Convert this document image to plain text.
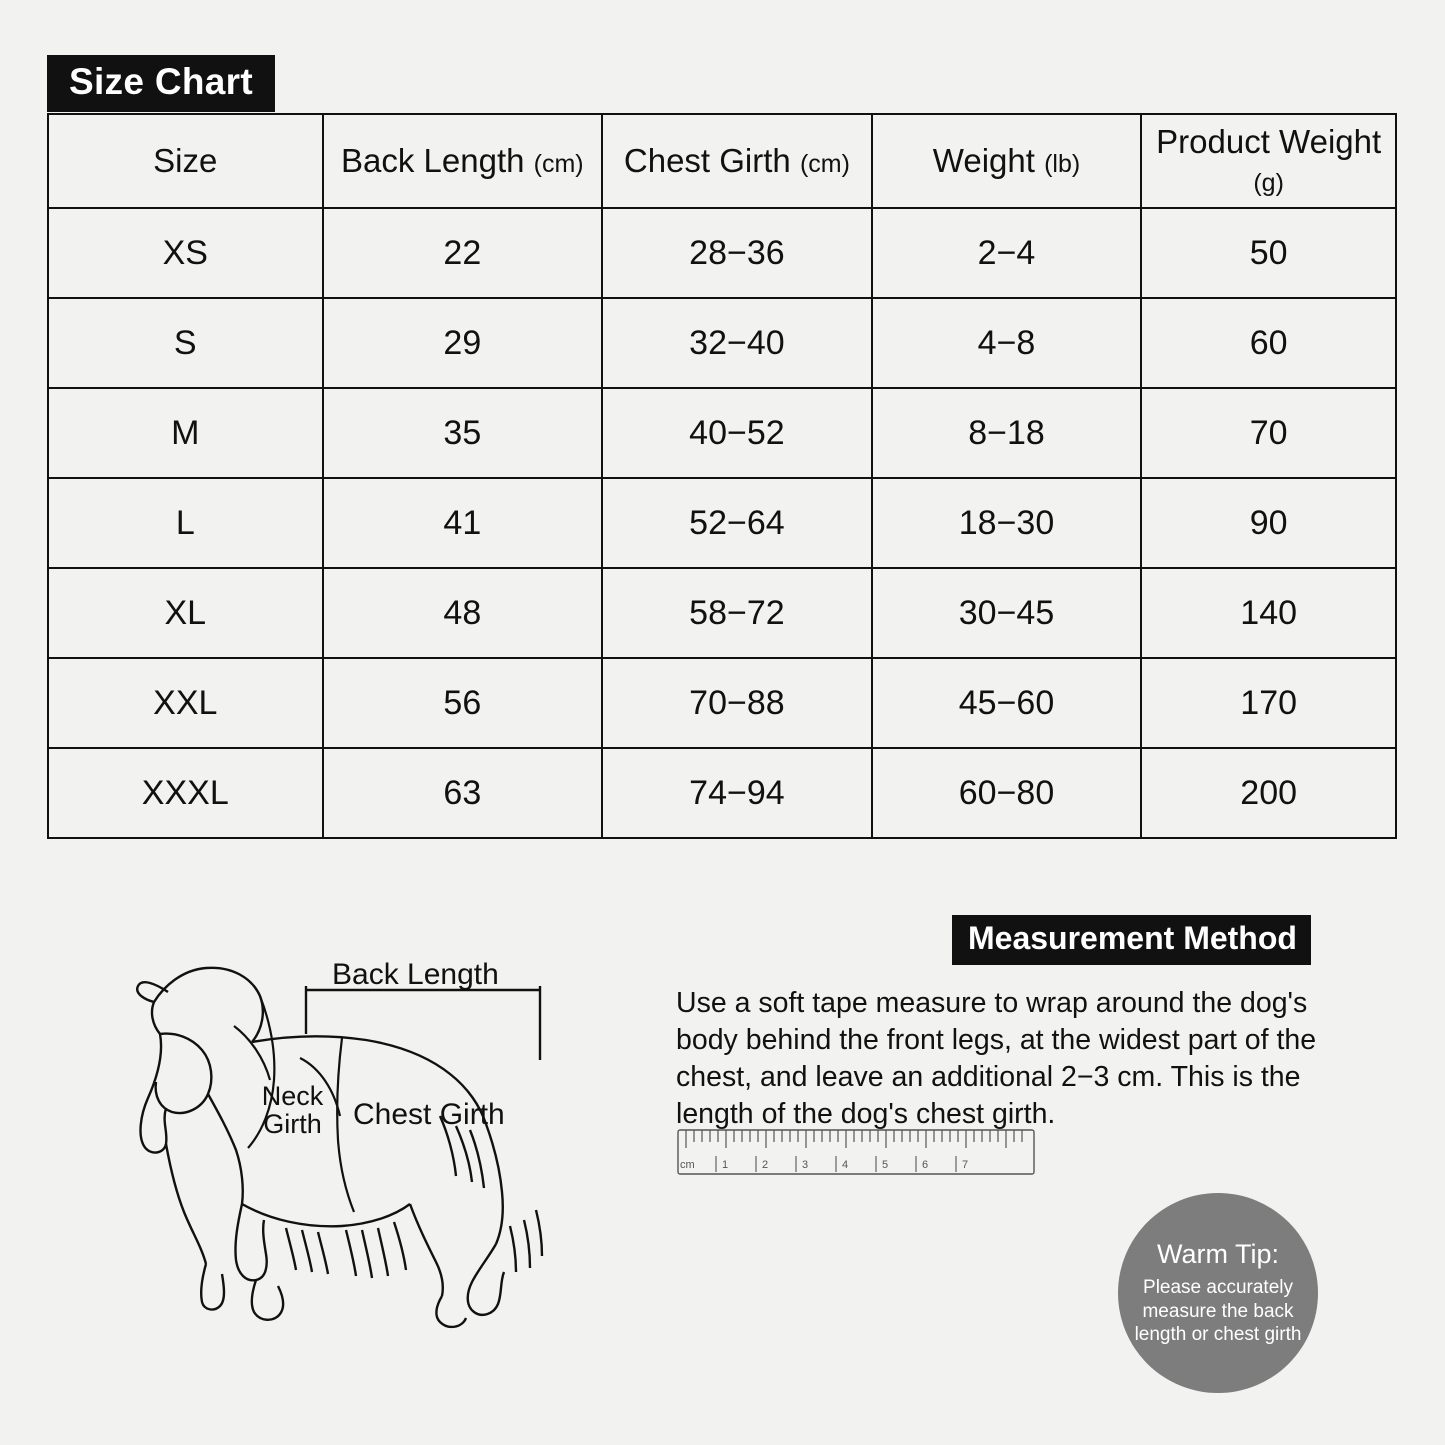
Size Chart
Size	Back Length (cm)	Chest Girth (cm)	Weight (lb)	Product Weight (g)
XS	22	28−36	2−4	50
S	29	32−40	4−8	60
M	35	40−52	8−18	70
L	41	52−64	18−30	90
XL	48	58−72	30−45	140
XXL	56	70−88	45−60	170
XXXL	63	74−94	60−80	200
Back Length
Neck
Girth	Chest Girth
Measurement Method
Use a soft tape measure to wrap around the dog's body behind the front legs, at the widest part of the chest, and leave an additional 2−3 cm. This is the length of the dog's chest girth.
cm 1	2	3	4	5	6	7
Warm Tip:
Please accurately measure the back length or chest girth
